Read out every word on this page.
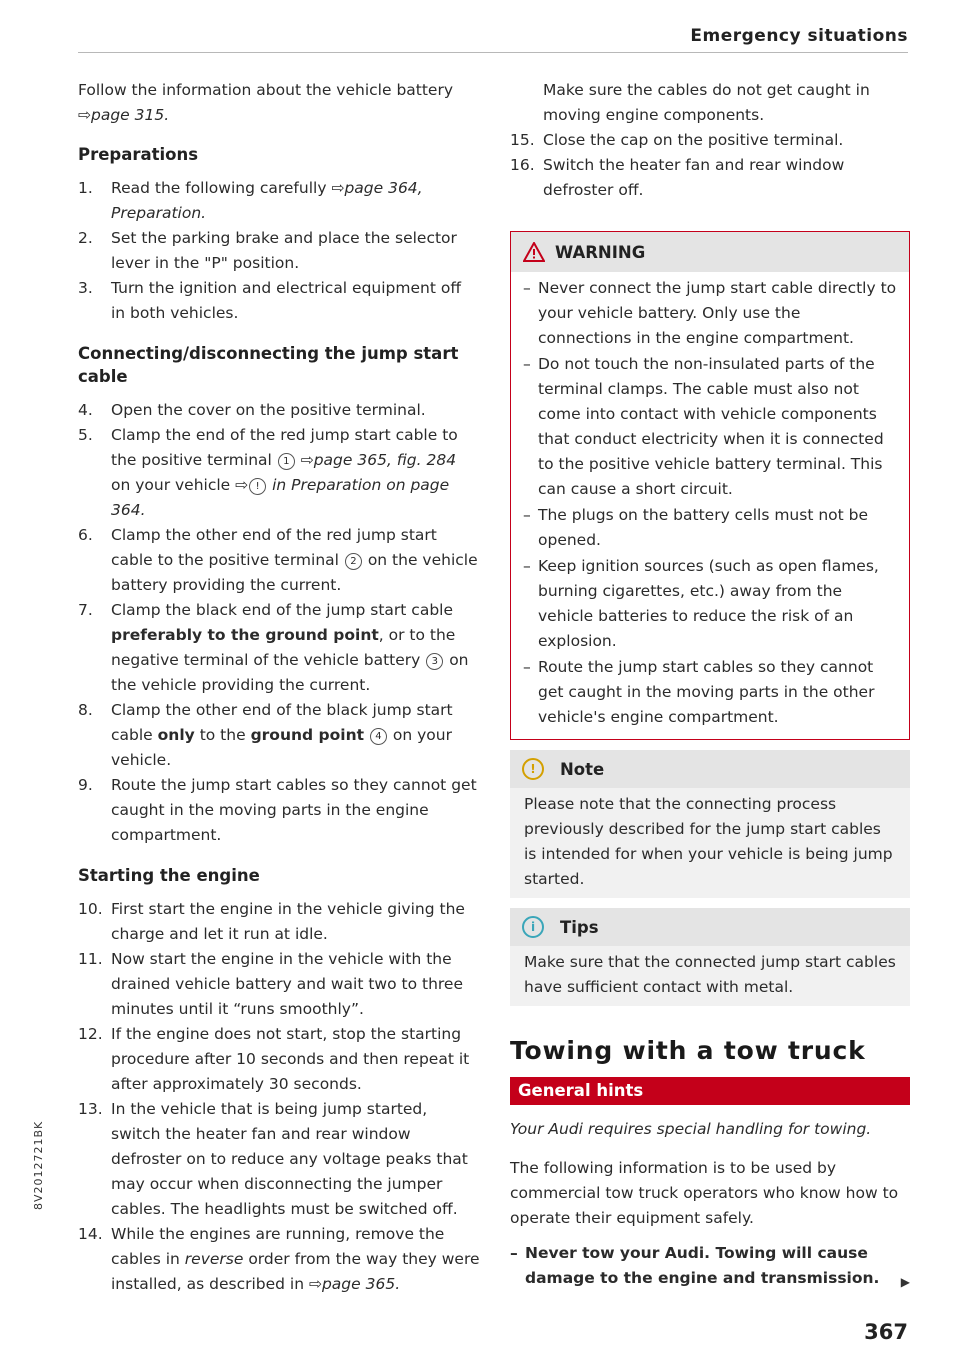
Emergency situations

Follow the information about the vehicle battery
⇨page 315.

Preparations
1.	Read the following carefully ⇨page 364,
Preparation.
2.	Set the parking brake and place the selector lever in the "P" position.
3.	Turn the ignition and electrical equipment off in both vehicles.
Connecting/disconnecting the jump start cable
4.	Open the cover on the positive terminal.
5.	Clamp the end of the red jump start cable to the positive terminal 1 ⇨page 365, fig. 284 on your vehicle ⇨ ! in Preparation on page 364.
6.	Clamp the other end of the red jump start cable to the positive terminal 2 on the vehicle battery providing the current.
7.	Clamp the black end of the jump start cable preferably to the ground point, or to the negative terminal of the vehicle battery 3 on the vehicle providing the current.
8.	Clamp the other end of the black jump start cable only to the ground point 4 on your vehicle.
9.	Route the jump start cables so they cannot get caught in the moving parts in the engine compartment.
Starting the engine
10. First start the engine in the vehicle giving the charge and let it run at idle.
11. Now start the engine in the vehicle with the drained vehicle battery and wait two to three minutes until it “runs smoothly”.
12. If the engine does not start, stop the starting procedure after 10 seconds and then repeat it after approximately 30 seconds.
13. In the vehicle that is being jump started, switch the heater fan and rear window defroster on to reduce any voltage peaks that may occur when disconnecting the jumper cables. The headlights must be switched off.
14. While the engines are running, remove the cables in reverse order from the way they were installed, as described in ⇨page 365.
Make sure the cables do not get caught in moving engine components.
15. Close the cap on the positive terminal.
16. Switch the heater fan and rear window defroster off.
WARNING
– Never connect the jump start cable directly to your vehicle battery. Only use the connections in the engine compartment.
– Do not touch the non-insulated parts of the terminal clamps. The cable must also not come into contact with vehicle components that conduct electricity when it is connected to the positive vehicle battery terminal. This can cause a short circuit.
– The plugs on the battery cells must not be opened.
– Keep ignition sources (such as open flames, burning cigarettes, etc.) away from the vehicle batteries to reduce the risk of an explosion.
– Route the jump start cables so they cannot get caught in the moving parts in the other vehicle's engine compartment.
!	Note

Please note that the connecting process previously described for the jump start cables is intended for when your vehicle is being jump started.

i	Tips

Make sure that the connected jump start cables have sufficient contact with metal.

Towing with a tow truck
General hints

Your Audi requires special handling for towing.

The following information is to be used by commercial tow truck operators who know how to operate their equipment safely.

– Never tow your Audi. Towing will cause damage to the engine and transmission. ▶
367
8V2012721BK
